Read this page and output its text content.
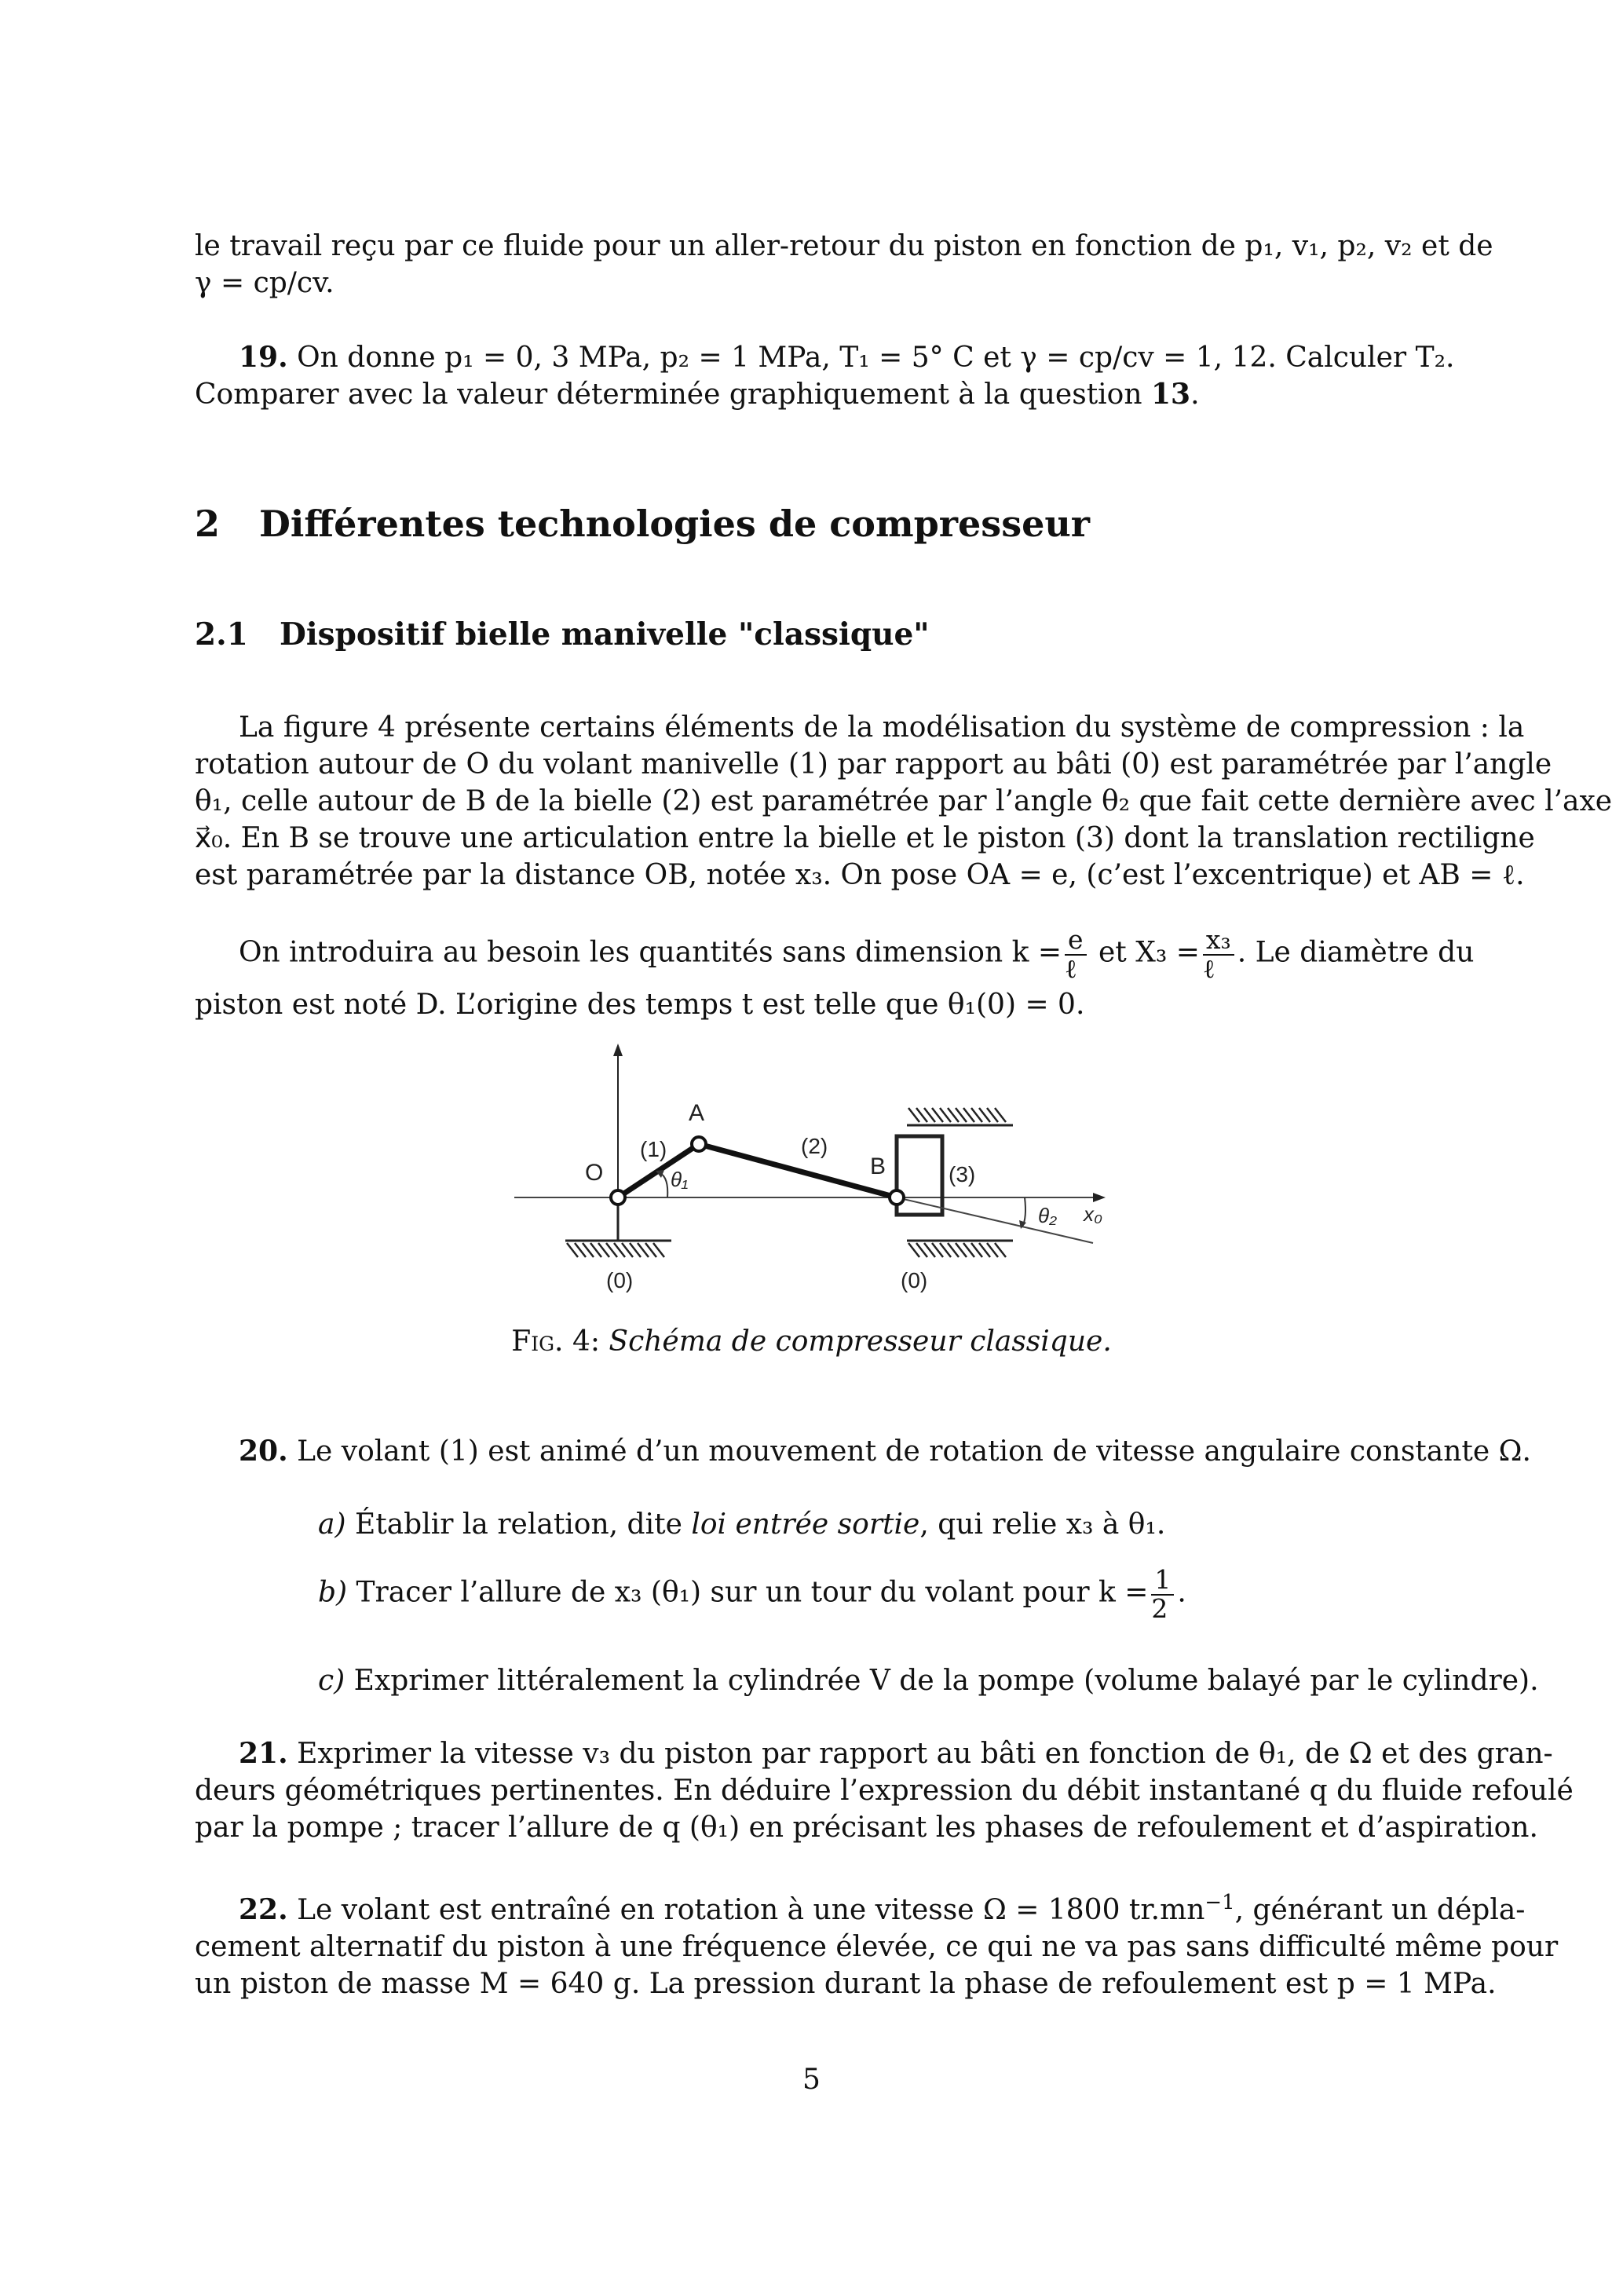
le travail reçu par ce fluide pour un aller-retour du piston en fonction de p₁, v₁, p₂, v₂ et de
γ = cp/cv.
19. On donne p₁ = 0, 3 MPa, p₂ = 1 MPa, T₁ = 5° C et γ = cp/cv = 1, 12. Calculer T₂.
Comparer avec la valeur déterminée graphiquement à la question 13.
2 Différentes technologies de compresseur
2.1 Dispositif bielle manivelle "classique"
La figure 4 présente certains éléments de la modélisation du système de compression : la
rotation autour de O du volant manivelle (1) par rapport au bâti (0) est paramétrée par l’angle
θ₁, celle autour de B de la bielle (2) est paramétrée par l’angle θ₂ que fait cette dernière avec l’axe
x⃗₀. En B se trouve une articulation entre la bielle et le piston (3) dont la translation rectiligne
est paramétrée par la distance OB, notée x₃. On pose OA = e, (c’est l’excentrique) et AB = ℓ.
On introduira au besoin les quantités sans dimension $k = \frac{e}{\text{ℓ}}$ et $X_3 = \frac{\text{x₃}}{\text{ℓ}}$ . Le diamètre du
piston est noté D. L’origine des temps t est telle que θ₁(0) = 0.
O
A
B
(1)	(2)
(3)
θ₁
θ₂ x₀
(0)	(0)
Fig. 4: Schéma de compresseur classique.
20. Le volant (1) est animé d’un mouvement de rotation de vitesse angulaire constante Ω.
a) Établir la relation, dite loi entrée sortie, qui relie x₃ à θ₁.
b) Tracer l’allure de x₃ (θ₁) sur un tour du volant pour $k = \frac{1}{2}$ .
c) Exprimer littéralement la cylindrée V de la pompe (volume balayé par le cylindre).
21. Exprimer la vitesse v₃ du piston par rapport au bâti en fonction de θ₁, de Ω et des gran-
deurs géométriques pertinentes. En déduire l’expression du débit instantané q du fluide refoulé
par la pompe ; tracer l’allure de q (θ₁) en précisant les phases de refoulement et d’aspiration.
22. Le volant est entraîné en rotation à une vitesse Ω = 1800 $tr.mn^{-1}$, générant un dépla-
cement alternatif du piston à une fréquence élevée, ce qui ne va pas sans difficulté même pour
un piston de masse M = 640 g. La pression durant la phase de refoulement est p = 1 MPa.
5
